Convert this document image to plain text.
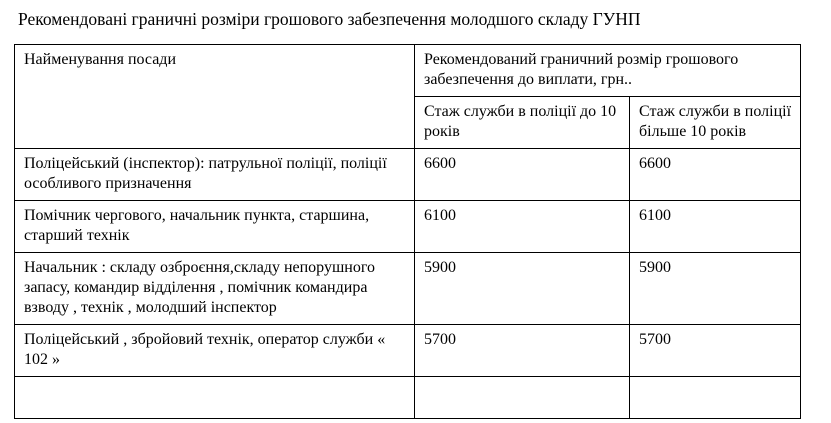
Рекомендовані граничні розміри грошового забезпечення молодшого складу ГУНП
Найменування посади	Рекомендований граничний розмір грошового забезпечення до виплати, грн..	
	Стаж служби в поліції до 10 років	Стаж служби в поліції більше 10 років
Поліцейський (інспектор): патрульної поліції, поліції особливого призначення	6600	6600
Помічник чергового, начальник пункта, старшина, старший технік	6100	6100
Начальник : складу озброєння,складу непорушного запасу, командир відділення , помічник командира взводу , технік , молодший інспектор	5900	5900
Поліцейський , збройовий технік, оператор служби « 102 »	5700	5700
